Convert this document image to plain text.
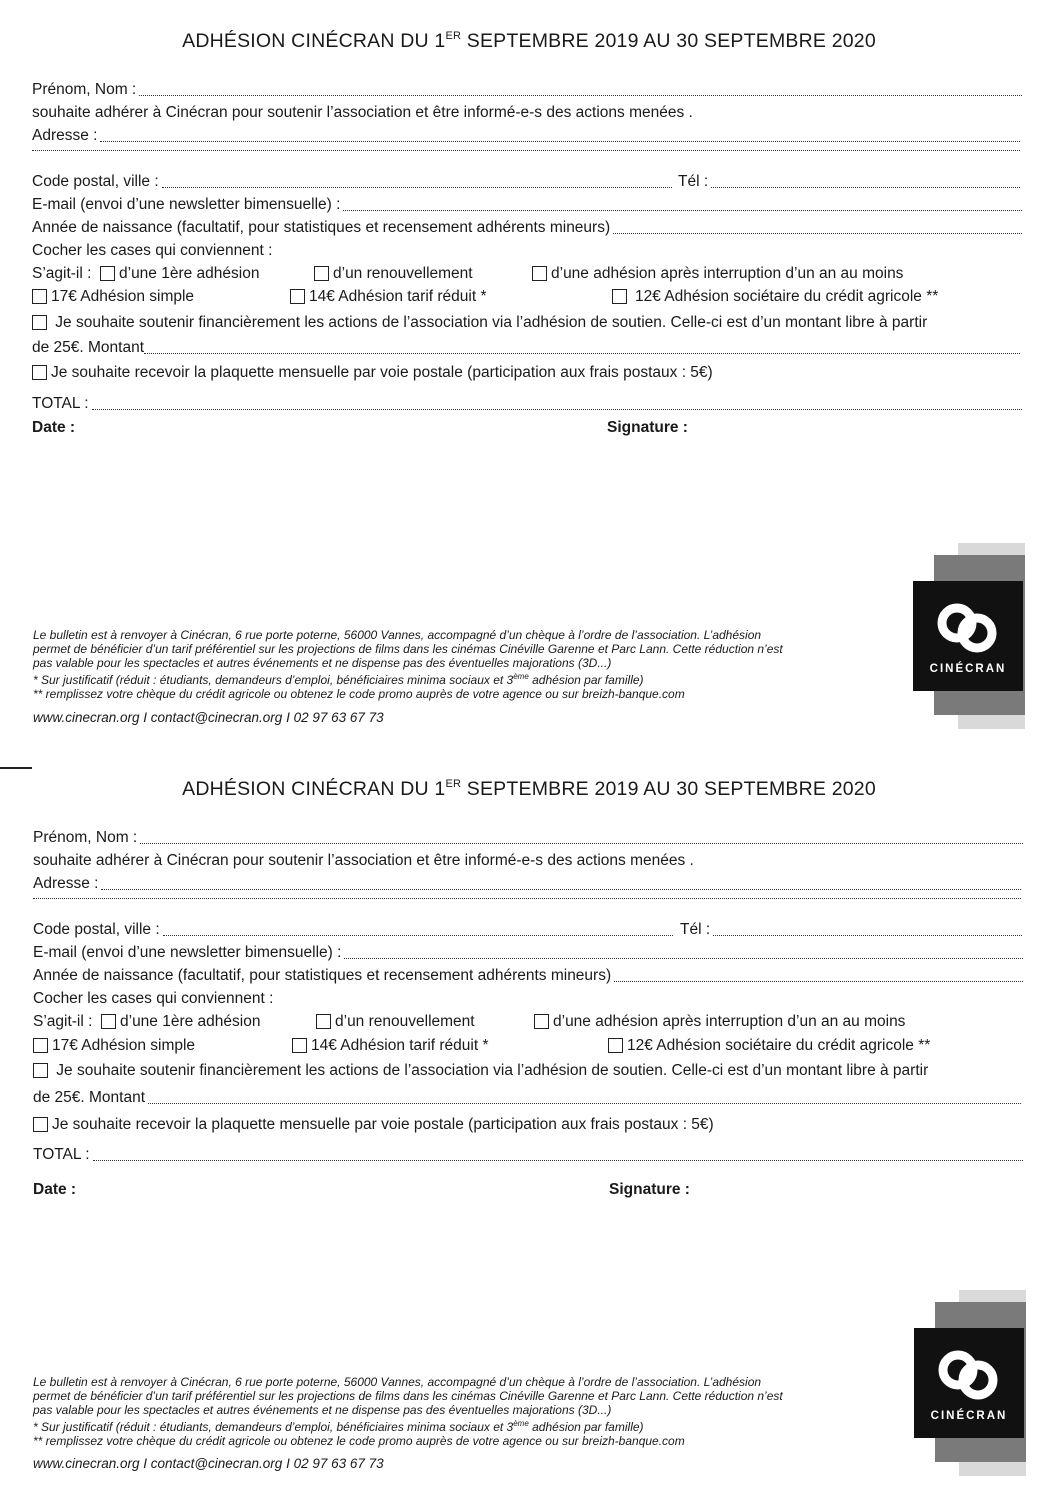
ADHÉSION CINÉCRAN DU 1ER SEPTEMBRE 2019 AU 30 SEPTEMBRE 2020
Prénom, Nom :
souhaite adhérer à Cinécran pour soutenir l’association et être informé-e-s des actions menées .
Adresse :
Code postal, ville :	Tél :
E-mail (envoi d’une newsletter bimensuelle) :
Année de naissance (facultatif, pour statistiques et recensement adhérents mineurs)
Cocher les cases qui conviennent :
S’agit-il :	d’une 1ère adhésion	d’un renouvellement	d’une adhésion après interruption d’un an au moins
17€ Adhésion simple	14€ Adhésion tarif réduit *	12€ Adhésion sociétaire du crédit agricole **
Je souhaite soutenir financièrement les actions de l’association via l’adhésion de soutien. Celle-ci est d’un montant libre à partir
de 25€. Montant
Je souhaite recevoir la plaquette mensuelle par voie postale (participation aux frais postaux : 5€)
TOTAL :
Date :	Signature :
Le bulletin est à renvoyer à Cinécran, 6 rue porte poterne, 56000 Vannes, accompagné d’un chèque à l’ordre de l’association. L’adhésion
permet de bénéficier d’un tarif préférentiel sur les projections de films dans les cinémas Cinéville Garenne et Parc Lann. Cette réduction n’est
pas valable pour les spectacles et autres événements et ne dispense pas des éventuelles majorations (3D...)
* Sur justificatif (réduit : étudiants, demandeurs d’emploi, bénéficiaires minima sociaux et 3ème adhésion par famille)
** remplissez votre chèque du crédit agricole ou obtenez le code promo auprès de votre agence ou sur breizh-banque.com
www.cinecran.org I contact@cinecran.org I 02 97 63 67 73
CINÉCRAN
ADHÉSION CINÉCRAN DU 1ER SEPTEMBRE 2019 AU 30 SEPTEMBRE 2020
Prénom, Nom :
souhaite adhérer à Cinécran pour soutenir l’association et être informé-e-s des actions menées .
Adresse :
Code postal, ville :	Tél :
E-mail (envoi d’une newsletter bimensuelle) :
Année de naissance (facultatif, pour statistiques et recensement adhérents mineurs)
Cocher les cases qui conviennent :
S’agit-il :	d’une 1ère adhésion	d’un renouvellement	d’une adhésion après interruption d’un an au moins
17€ Adhésion simple	14€ Adhésion tarif réduit *	12€ Adhésion sociétaire du crédit agricole **
Je souhaite soutenir financièrement les actions de l’association via l’adhésion de soutien. Celle-ci est d’un montant libre à partir
de 25€. Montant
Je souhaite recevoir la plaquette mensuelle par voie postale (participation aux frais postaux : 5€)
TOTAL :
Date :	Signature :
Le bulletin est à renvoyer à Cinécran, 6 rue porte poterne, 56000 Vannes, accompagné d’un chèque à l’ordre de l’association. L’adhésion
permet de bénéficier d’un tarif préférentiel sur les projections de films dans les cinémas Cinéville Garenne et Parc Lann. Cette réduction n’est
pas valable pour les spectacles et autres événements et ne dispense pas des éventuelles majorations (3D...)
* Sur justificatif (réduit : étudiants, demandeurs d’emploi, bénéficiaires minima sociaux et 3ème adhésion par famille)
** remplissez votre chèque du crédit agricole ou obtenez le code promo auprès de votre agence ou sur breizh-banque.com
www.cinecran.org I contact@cinecran.org I 02 97 63 67 73
CINÉCRAN
